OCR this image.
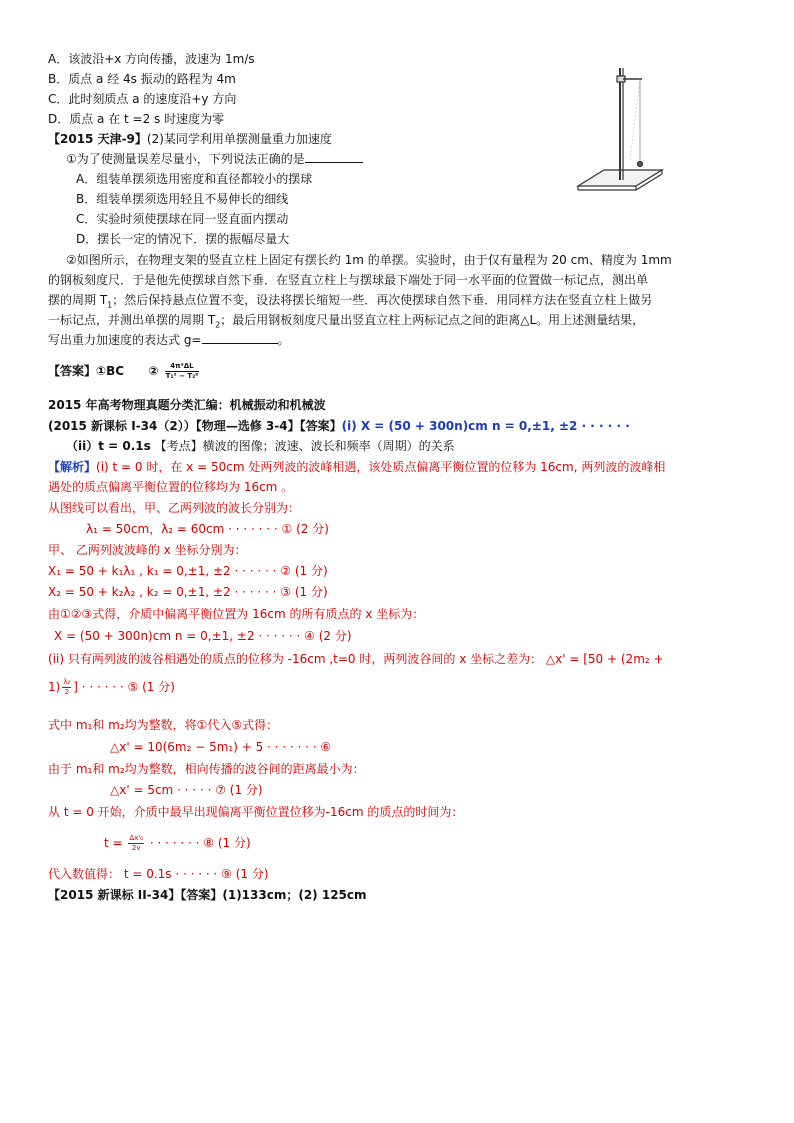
A．该波沿+x 方向传播，波速为 1m/s
B．质点 a 经 4s 振动的路程为 4m
C．此时刻质点 a 的速度沿+y 方向
D．质点 a 在 t =2 s 时速度为零
【2015 天津-9】(2)某同学利用单摆测量重力加速度
①为了使测量误差尽量小，下列说法正确的是
A．组装单摆须选用密度和直径都较小的摆球
B．组装单摆须选用轻且不易伸长的细线
C．实验时须使摆球在同一竖直面内摆动
D．摆长一定的情况下．摆的振幅尽量大
②如图所示，在物理支架的竖直立柱上固定有摆长约 1m 的单摆。实验时，由于仅有量程为 20 cm、精度为 1mm
的钢板刻度尺．于是他先使摆球自然下垂．在竖直立柱上与摆球最下端处于同一水平面的位置做一标记点，测出单
摆的周期 $T_1$；然后保持悬点位置不变，设法将摆长缩短一些．再次使摆球自然下垂．用同样方法在竖直立柱上做另
一标记点，并测出单摆的周期 $T_2$；最后用钢板刻度尺量出竖直立柱上两标记点之间的距离△L。用上述测量结果，
写出重力加速度的表达式 g=	。
【答案】①BC ② $\frac{\text{4π²ΔL}}{\text{T₁² − T₂²}}$
2015 年高考物理真题分类汇编：机械振动和机械波
(2015 新课标 I-34（2））【物理—选修 3-4】【答案】(i) X = (50 + 300n)cm n = 0,±1, ±2 · · · · · ·
（ii）t = 0.1s 【考点】横波的图像；波速、波长和频率（周期）的关系
【解析】(i) t = 0 时，在 x = 50cm 处两列波的波峰相遇，该处质点偏离平衡位置的位移为 16cm, 两列波的波峰相
遇处的质点偏离平衡位置的位移均为 16cm 。
从图线可以看出，甲、乙两列波的波长分别为：
λ₁ = 50cm，λ₂ = 60cm · · · · · · · ① (2 分)
甲、 乙两列波波峰的 x 坐标分别为：
X₁ = 50 + k₁λ₁ , k₁ = 0,±1, ±2 · · · · · · ② (1 分)
X₂ = 50 + k₂λ₂ , k₂ = 0,±1, ±2 · · · · · · ③ (1 分)
由①②③式得，介质中偏离平衡位置为 16cm 的所有质点的 x 坐标为：
X = (50 + 300n)cm n = 0,±1, ±2 · · · · · · ④ (2 分)
(ii) 只有两列波的波谷相遇处的质点的位移为 -16cm ,t=0 时，两列波谷间的 x 坐标之差为： △x' = [50 + (2m₂ +
$1) \frac{\text{λ₂}}{2}$ ] · · · · · · ⑤ (1 分)
式中 m₁和 m₂均为整数，将①代入⑤式得：
△x' = 10(6m₂ − 5m₁) + 5 · · · · · · · ⑥
由于 m₁和 m₂均为整数，相向传播的波谷间的距离最小为：
△x' = 5cm · · · · · ⑦ (1 分)
从 t = 0 开始，介质中最早出现偏离平衡位置位移为-16cm 的质点的时间为：
$t = \frac{\text{Δx'₀}}{2v}$ · · · · · · · ⑧ (1 分)
代入数值得： t = 0.1s · · · · · · ⑨ (1 分)
【2015 新课标 II-34】【答案】(1)133cm；(2) 125cm
